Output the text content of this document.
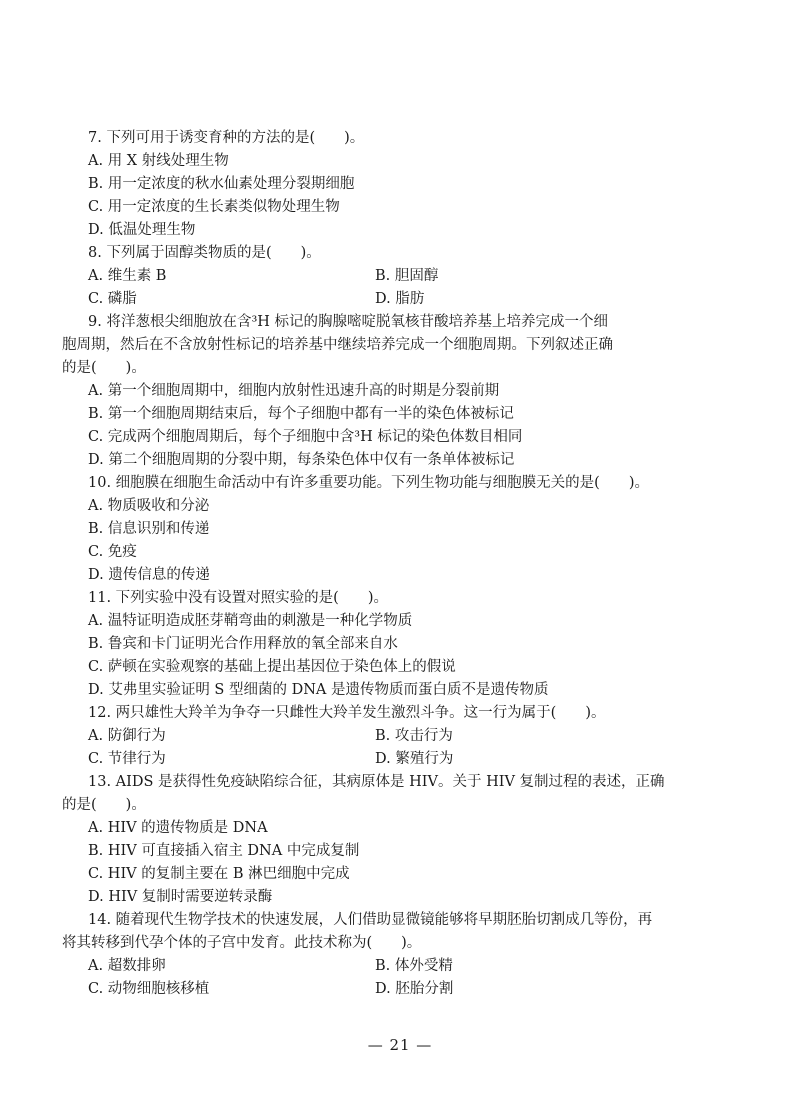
7. 下列可用于诱变育种的方法的是(　　)。
A. 用 X 射线处理生物
B. 用一定浓度的秋水仙素处理分裂期细胞
C. 用一定浓度的生长素类似物处理生物
D. 低温处理生物
8. 下列属于固醇类物质的是(　　)。
A. 维生素 B	B. 胆固醇
C. 磷脂	D. 脂肪
9. 将洋葱根尖细胞放在含³H 标记的胸腺嘧啶脱氧核苷酸培养基上培养完成一个细
胞周期，然后在不含放射性标记的培养基中继续培养完成一个细胞周期。下列叙述正确
的是(　　)。
A. 第一个细胞周期中，细胞内放射性迅速升高的时期是分裂前期
B. 第一个细胞周期结束后，每个子细胞中都有一半的染色体被标记
C. 完成两个细胞周期后，每个子细胞中含³H 标记的染色体数目相同
D. 第二个细胞周期的分裂中期，每条染色体中仅有一条单体被标记
10. 细胞膜在细胞生命活动中有许多重要功能。下列生物功能与细胞膜无关的是(　　)。
A. 物质吸收和分泌
B. 信息识别和传递
C. 免疫
D. 遗传信息的传递
11. 下列实验中没有设置对照实验的是(　　)。
A. 温特证明造成胚芽鞘弯曲的刺激是一种化学物质
B. 鲁宾和卡门证明光合作用释放的氧全部来自水
C. 萨顿在实验观察的基础上提出基因位于染色体上的假说
D. 艾弗里实验证明 S 型细菌的 DNA 是遗传物质而蛋白质不是遗传物质
12. 两只雄性大羚羊为争夺一只雌性大羚羊发生激烈斗争。这一行为属于(　　)。
A. 防御行为	B. 攻击行为
C. 节律行为	D. 繁殖行为
13. AIDS 是获得性免疫缺陷综合征，其病原体是 HIV。关于 HIV 复制过程的表述，正确
的是(　　)。
A. HIV 的遗传物质是 DNA
B. HIV 可直接插入宿主 DNA 中完成复制
C. HIV 的复制主要在 B 淋巴细胞中完成
D. HIV 复制时需要逆转录酶
14. 随着现代生物学技术的快速发展，人们借助显微镜能够将早期胚胎切割成几等份，再
将其转移到代孕个体的子宫中发育。此技术称为(　　)。
A. 超数排卵	B. 体外受精
C. 动物细胞核移植	D. 胚胎分割
— 21 —
